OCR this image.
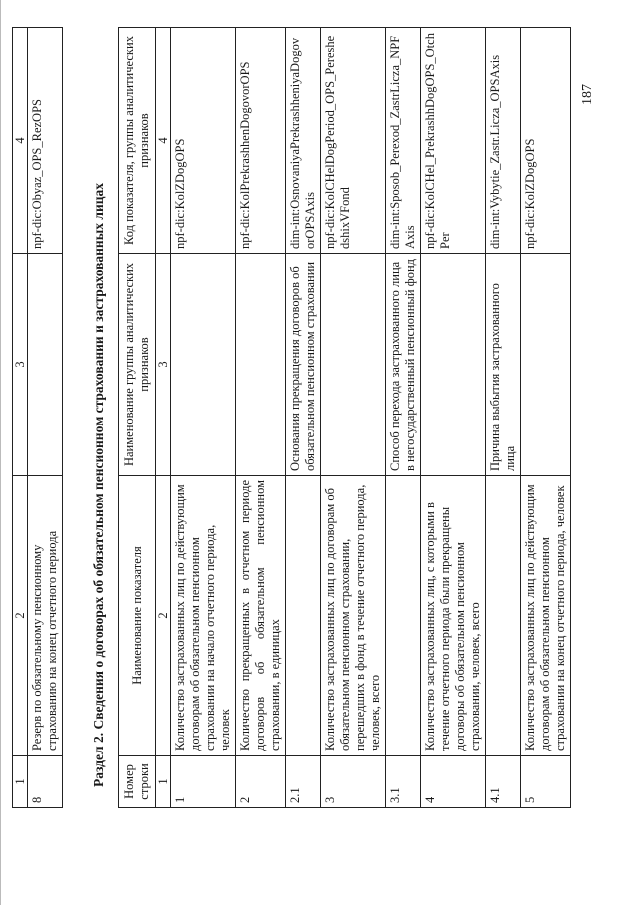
1	2	3	4
8	Резерв по обязательному пенсионному страхованию на конец отчетного периода		npf-dic:Obyaz_OPS_RezOPS
Раздел 2. Сведения о договорах об обязательном пенсионном страховании и застрахованных лицах Номер строки	Наименование показателя	Наименование группы аналитических признаков	Код показателя, группы аналитических признаков
1	2	3	4
1	Количество застрахованных лиц по действующим договорам об обязательном пенсионном страховании на начало отчетного периода, человек		npf-dic:KolZDogOPS
2	Количество прекращенных в отчетном периоде договоров об обязательном пенсионном страховании, в единицах		npf-dic:KolPrekrashhenDogovorOPS
2.1		Основания прекращения договоров об обязательном пенсионном страховании	dim-int:OsnovaniyaPrekrashheniyaDogovorOPSAxis
3	Количество застрахованных лиц по договорам об обязательном пенсионном страховании, перешедших в фонд в течение отчетного периода, человек, всего		npf-dic:KolCHelDogPeriod_OPS_PereshedshixVFond
3.1		Способ перехода застрахованного лица в негосударственный пенсионный фонд	dim-int:Sposob_Perexod_ZastrLicza_NPFAxis
4	Количество застрахованных лиц, с которыми в течение отчетного периода были прекращены договоры об обязательном пенсионном страховании, человек, всего		npf-dic:KolCHel_PrekrashhDogOPS_OtchPer
4.1		Причина выбытия застрахованного лица	dim-int:Vybytie_Zastr.Licza_OPSAxis
5	Количество застрахованных лиц по действующим договорам об обязательном пенсионном страховании на конец отчетного периода, человек		npf-dic:KolZDogOPS
187
